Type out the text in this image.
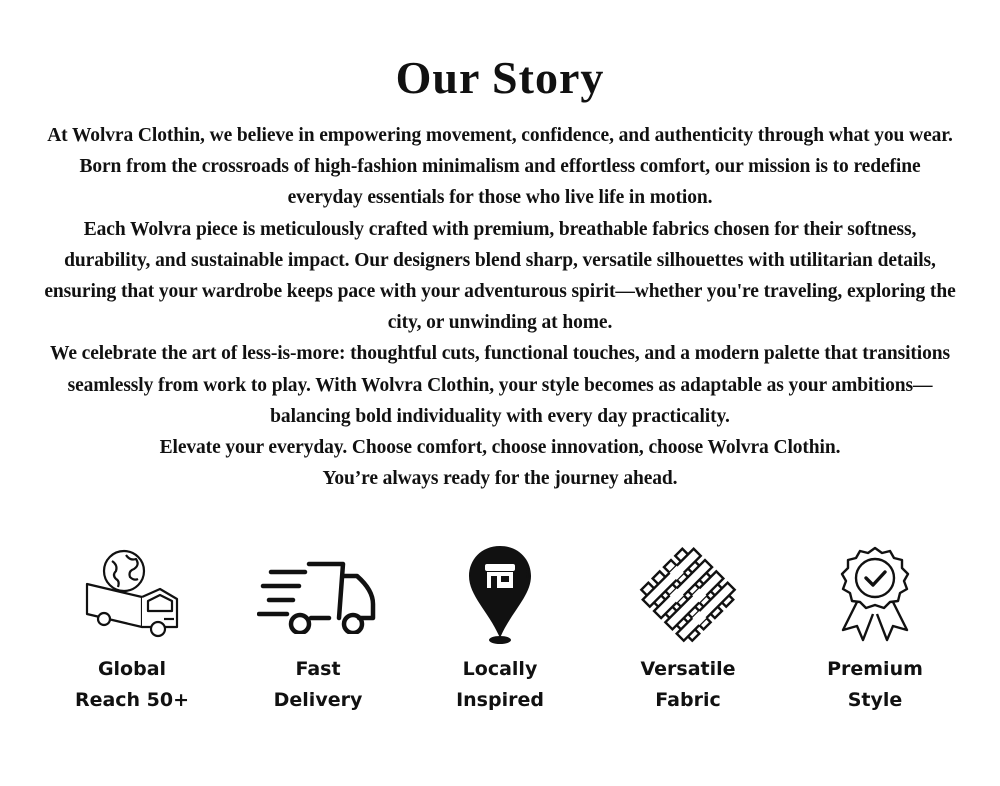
Our Story

At Wolvra Clothin, we believe in empowering movement, confidence, and authenticity through what you wear. Born from the crossroads of high-fashion minimalism and effortless comfort, our mission is to redefine everyday essentials for those who live life in motion.

Each Wolvra piece is meticulously crafted with premium, breathable fabrics chosen for their softness, durability, and sustainable impact. Our designers blend sharp, versatile silhouettes with utilitarian details, ensuring that your wardrobe keeps pace with your adventurous spirit—whether you're traveling, exploring the city, or unwinding at home.

We celebrate the art of less-is-more: thoughtful cuts, functional touches, and a modern palette that transitions seamlessly from work to play. With Wolvra Clothin, your style becomes as adaptable as your ambitions—balancing bold individuality with every day practicality.

Elevate your everyday. Choose comfort, choose innovation, choose Wolvra Clothin.

You’re always ready for the journey ahead.

Global
Reach 50+
Fast
Delivery
Locally
Inspired
Versatile
Fabric
Premium
Style
